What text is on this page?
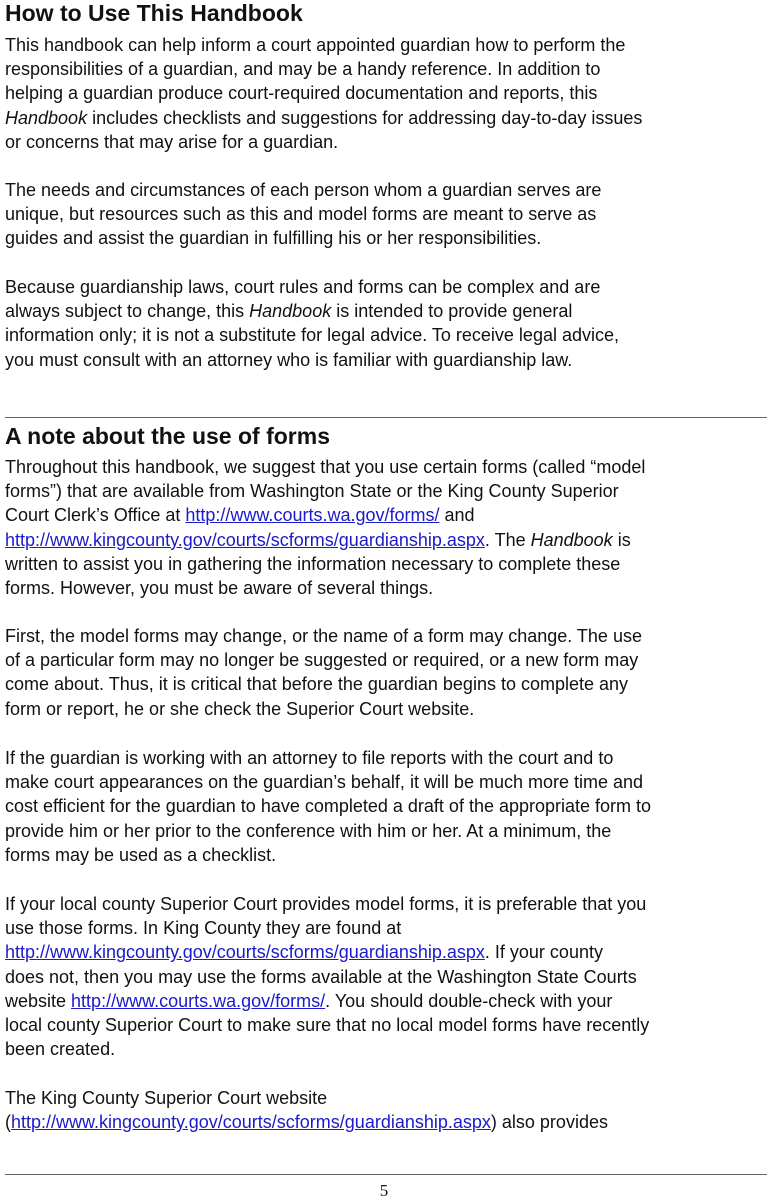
How to Use This Handbook
This handbook can help inform a court appointed guardian how to perform the
responsibilities of a guardian, and may be a handy reference. In addition to
helping a guardian produce court-required documentation and reports, this
Handbook includes checklists and suggestions for addressing day-to-day issues
or concerns that may arise for a guardian.
The needs and circumstances of each person whom a guardian serves are
unique, but resources such as this and model forms are meant to serve as
guides and assist the guardian in fulfilling his or her responsibilities.
Because guardianship laws, court rules and forms can be complex and are
always subject to change, this Handbook is intended to provide general
information only; it is not a substitute for legal advice. To receive legal advice,
you must consult with an attorney who is familiar with guardianship law.
A note about the use of forms
Throughout this handbook, we suggest that you use certain forms (called “model
forms”) that are available from Washington State or the King County Superior
Court Clerk’s Office at http://www.courts.wa.gov/forms/ and
http://www.kingcounty.gov/courts/scforms/guardianship.aspx. The Handbook is
written to assist you in gathering the information necessary to complete these
forms. However, you must be aware of several things.
First, the model forms may change, or the name of a form may change. The use
of a particular form may no longer be suggested or required, or a new form may
come about. Thus, it is critical that before the guardian begins to complete any
form or report, he or she check the Superior Court website.
If the guardian is working with an attorney to file reports with the court and to
make court appearances on the guardian’s behalf, it will be much more time and
cost efficient for the guardian to have completed a draft of the appropriate form to
provide him or her prior to the conference with him or her. At a minimum, the
forms may be used as a checklist.
If your local county Superior Court provides model forms, it is preferable that you
use those forms. In King County they are found at
http://www.kingcounty.gov/courts/scforms/guardianship.aspx. If your county
does not, then you may use the forms available at the Washington State Courts
website http://www.courts.wa.gov/forms/. You should double-check with your
local county Superior Court to make sure that no local model forms have recently
been created.
The King County Superior Court website
(http://www.kingcounty.gov/courts/scforms/guardianship.aspx) also provides
5
